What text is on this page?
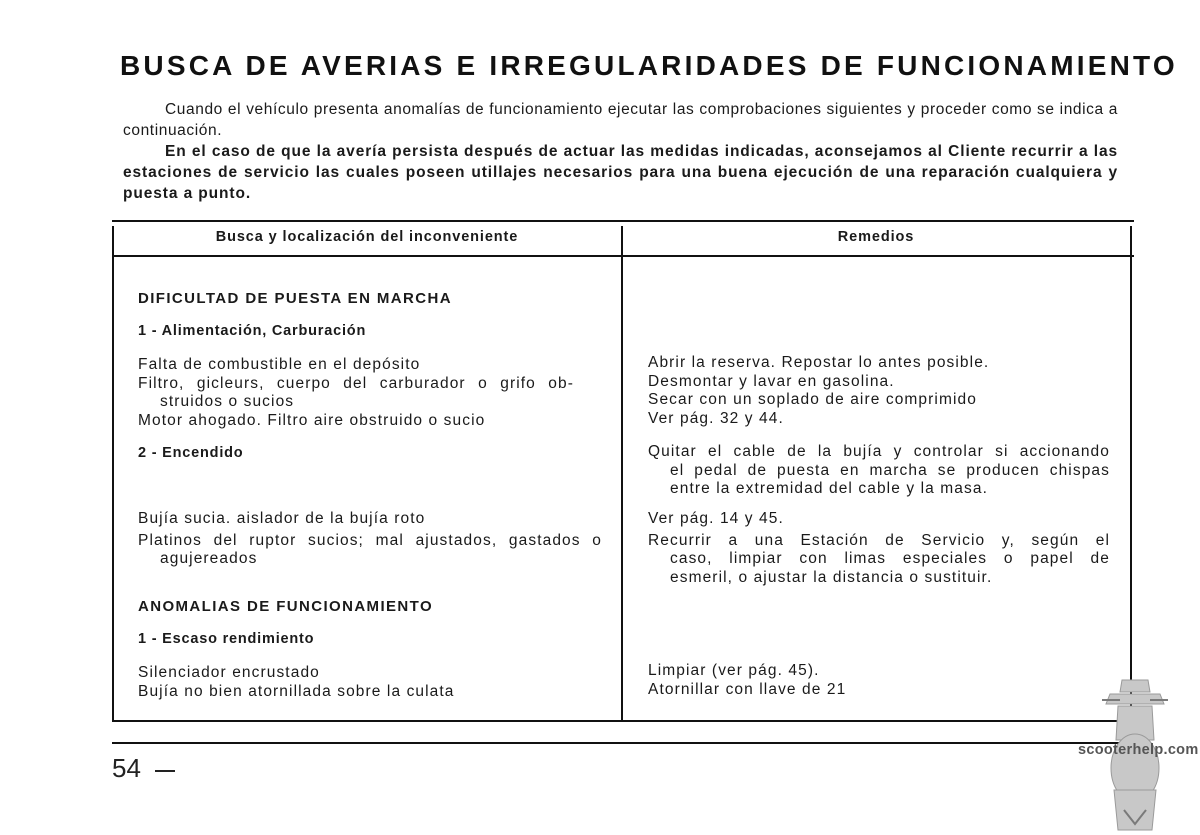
BUSCA DE AVERIAS E IRREGULARIDADES DE FUNCIONAMIENTO

Cuando el vehículo presenta anomalías de funcionamiento ejecutar las comprobaciones siguientes y proceder como se indica a continuación.

En el caso de que la avería persista después de actuar las medidas indicadas, aconsejamos al Cliente recurrir a las estaciones de servicio las cuales poseen utillajes necesarios para una buena ejecución de una reparación cualquiera y puesta a punto.

Busca y localización del inconveniente	Remedios
DIFICULTAD DE PUESTA EN MARCHA
1 - Alimentación, Carburación
Falta de combustible en el depósito
Filtro, gicleurs, cuerpo del carburador o grifo ob-
struidos o sucios
Motor ahogado. Filtro aire obstruido o sucio
Abrir la reserva. Repostar lo antes posible.
Desmontar y lavar en gasolina.
Secar con un soplado de aire comprimido
Ver pág. 32 y 44.
2 - Encendido	Quitar el cable de la bujía y controlar si accionando
el pedal de puesta en marcha se producen chispas
entre la extremidad del cable y la masa.
Bujía sucia. aislador de la bujía roto
Platinos del ruptor sucios; mal ajustados, gastados o
agujereados
Ver pág. 14 y 45.
Recurrir a una Estación de Servicio y, según el
caso, limpiar con limas especiales o papel de
esmeril, o ajustar la distancia o sustituir.
ANOMALIAS DE FUNCIONAMIENTO
1 - Escaso rendimiento
Silenciador encrustado
Bujía no bien atornillada sobre la culata
Limpiar (ver pág. 45).
Atornillar con llave de 21
54
scooterhelp.com
